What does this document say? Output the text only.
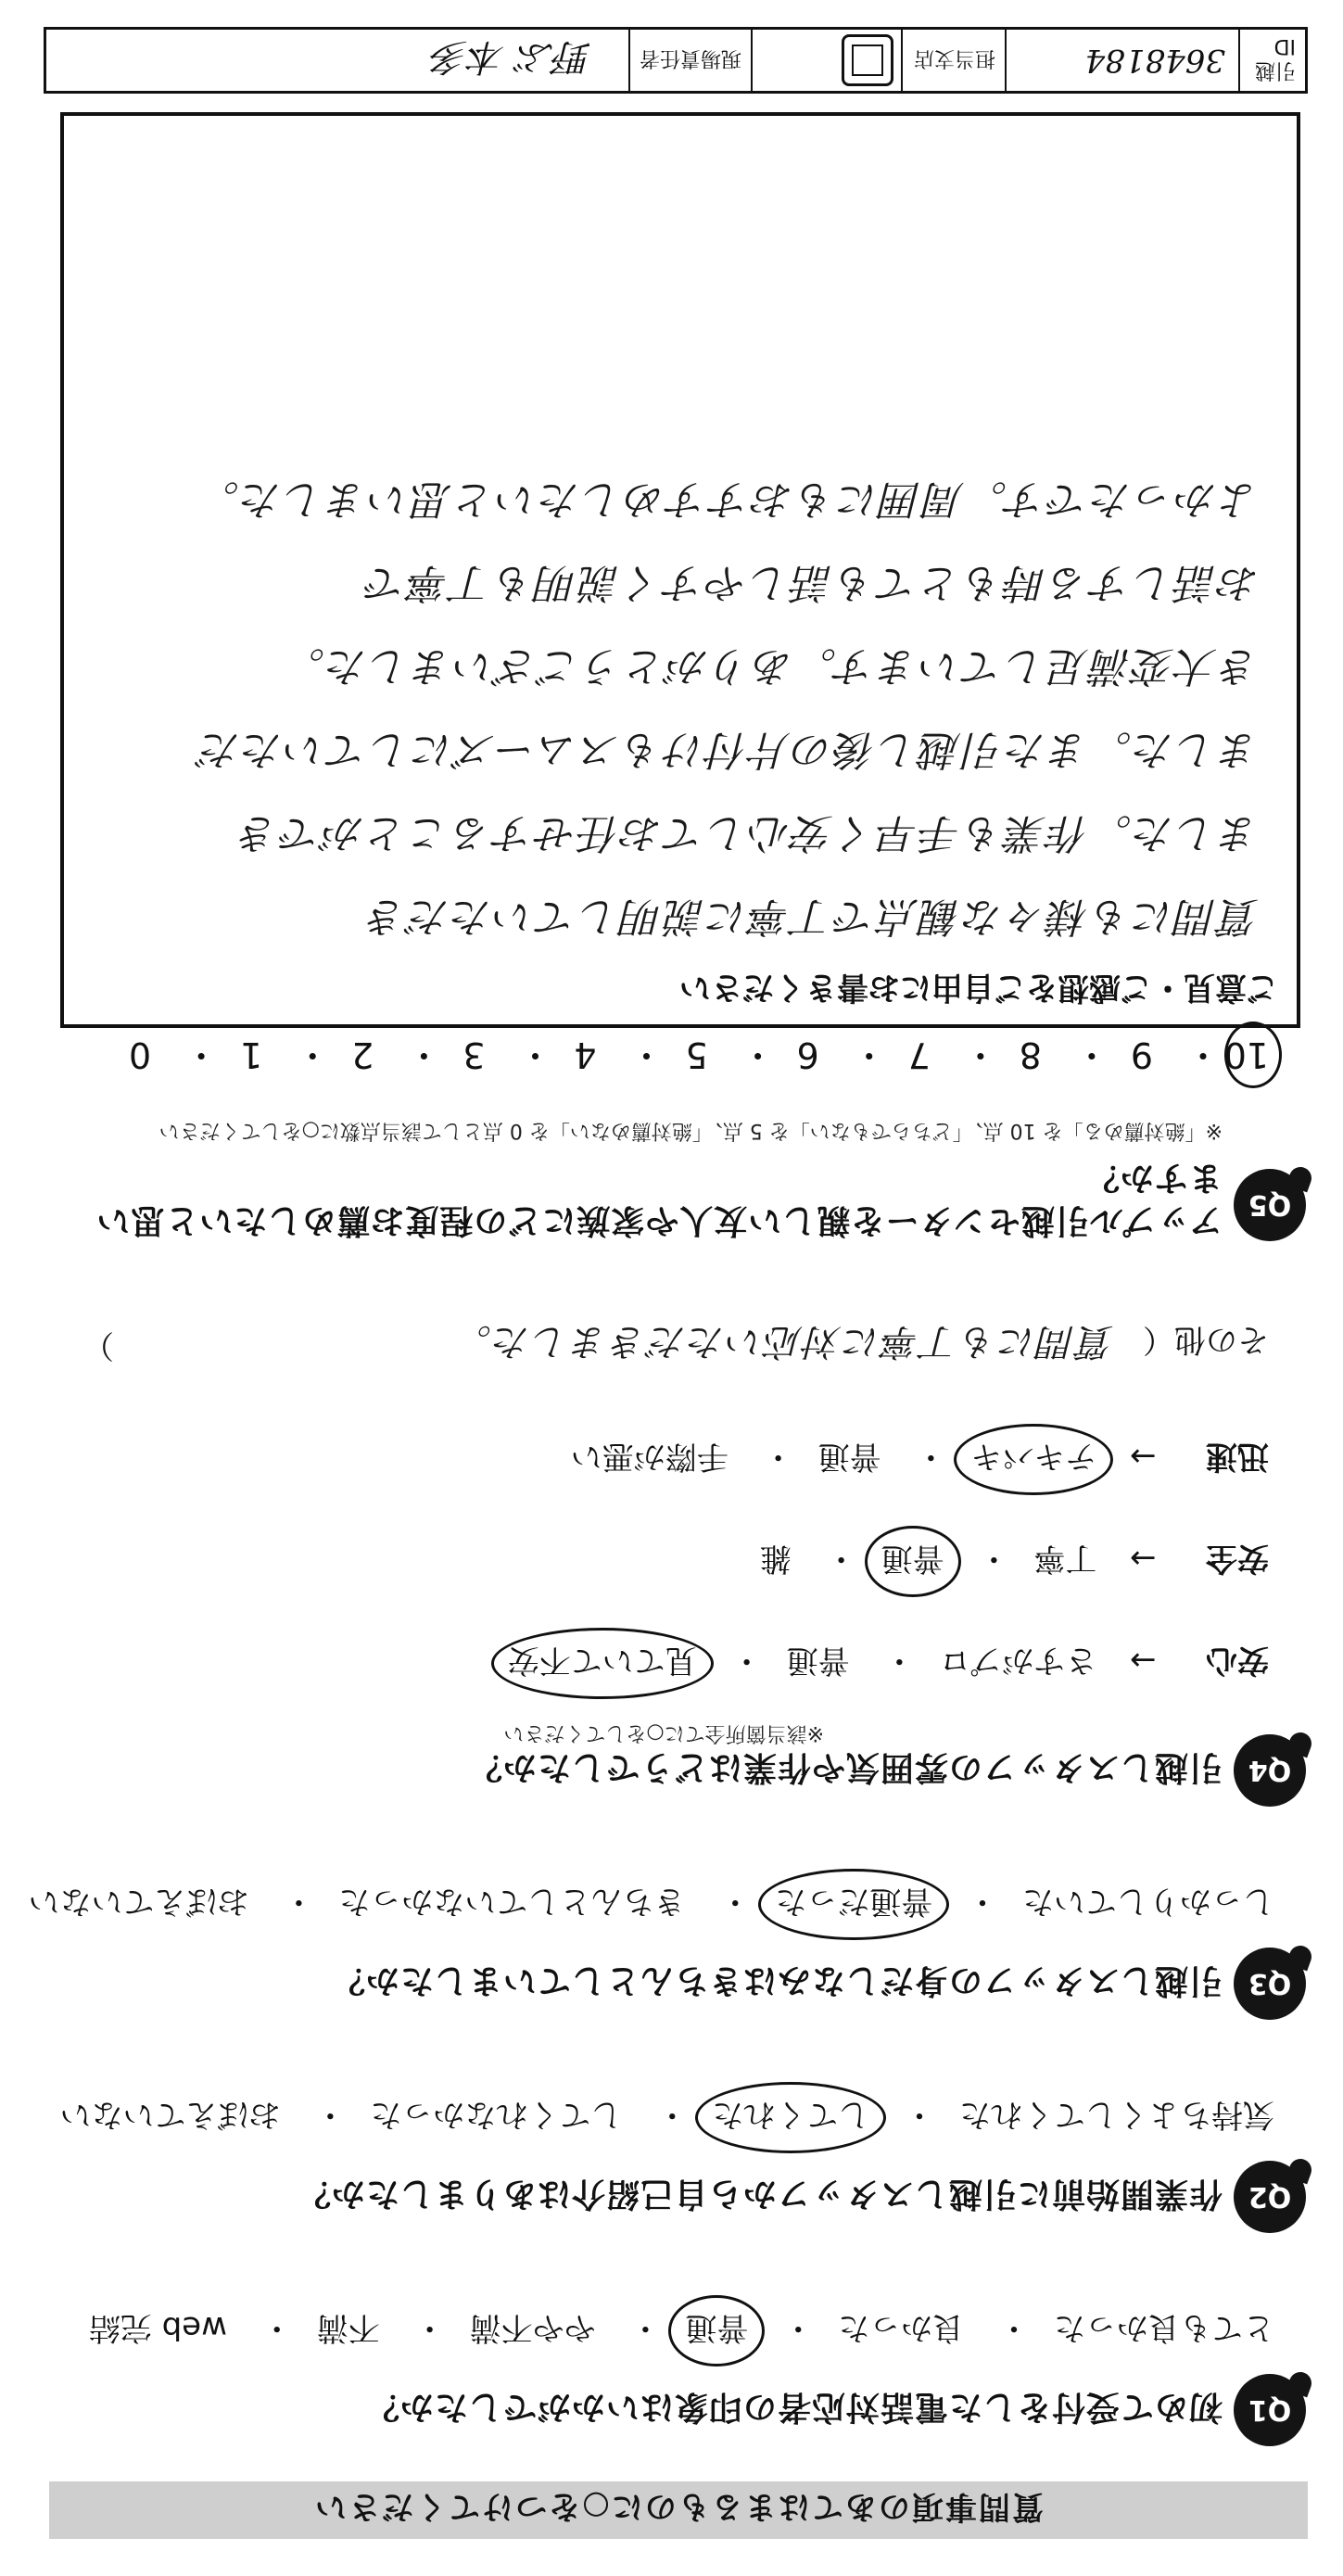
質問事項のあてはまるものに○をつけてください
Q1
初めて受付をした電話対応者の印象はいかがでしたか？
とても良かった・ 良かった・ 普通・ やや不満・ 不満・ web 完結
Q2
作業開始前に引越しスタッフから自己紹介はありましたか？
気持ちよくしてくれた・ してくれた・ してくれなかった・ おぼえていない
Q3
引越しスタッフの身だしなみはきちんとしていましたか？
しっかりしていた・ 普通だった・ きちんとしていなかった・ おぼえていない
Q4
引越しスタッフの雰囲気や作業はどうでしたか？
※該当箇所全てに○をしてください
安心 → さすがプロ・ 普通・ 見ていて不安
安全 → 丁寧・ 普通・ 雑
迅速 → テキパキ・ 普通・ 手際が悪い
その他（ 質問にも丁寧に対応いただきました。
）
Q5
アップル引越センターを親しい友人や家族にどの程度お薦めしたいと思いますか？
※「絶対薦める」を 10 点、「どちらでもない」を 5 点、「絶対薦めない」を 0 点として該当点数に○をしてください
10・ 9・ 8・ 7・ 6・ 5・ 4・ 3・ 2・ 1・ 0
ご意見・ご感想をご自由にお書きください
質問にも様々な観点で丁寧に説明していただき
ました。作業も手早く安心してお任せすることができ
ました。また引越し後の片付けもスムーズにしていただ
き大変満足しています。ありがとうございました。
お話しする時もとても話しやすく説明も丁寧で
よかったです。周囲にもおすすめしたいと思いました。
引越 ID
3648184
担当支店
現場責任者
野ぶ 本多
